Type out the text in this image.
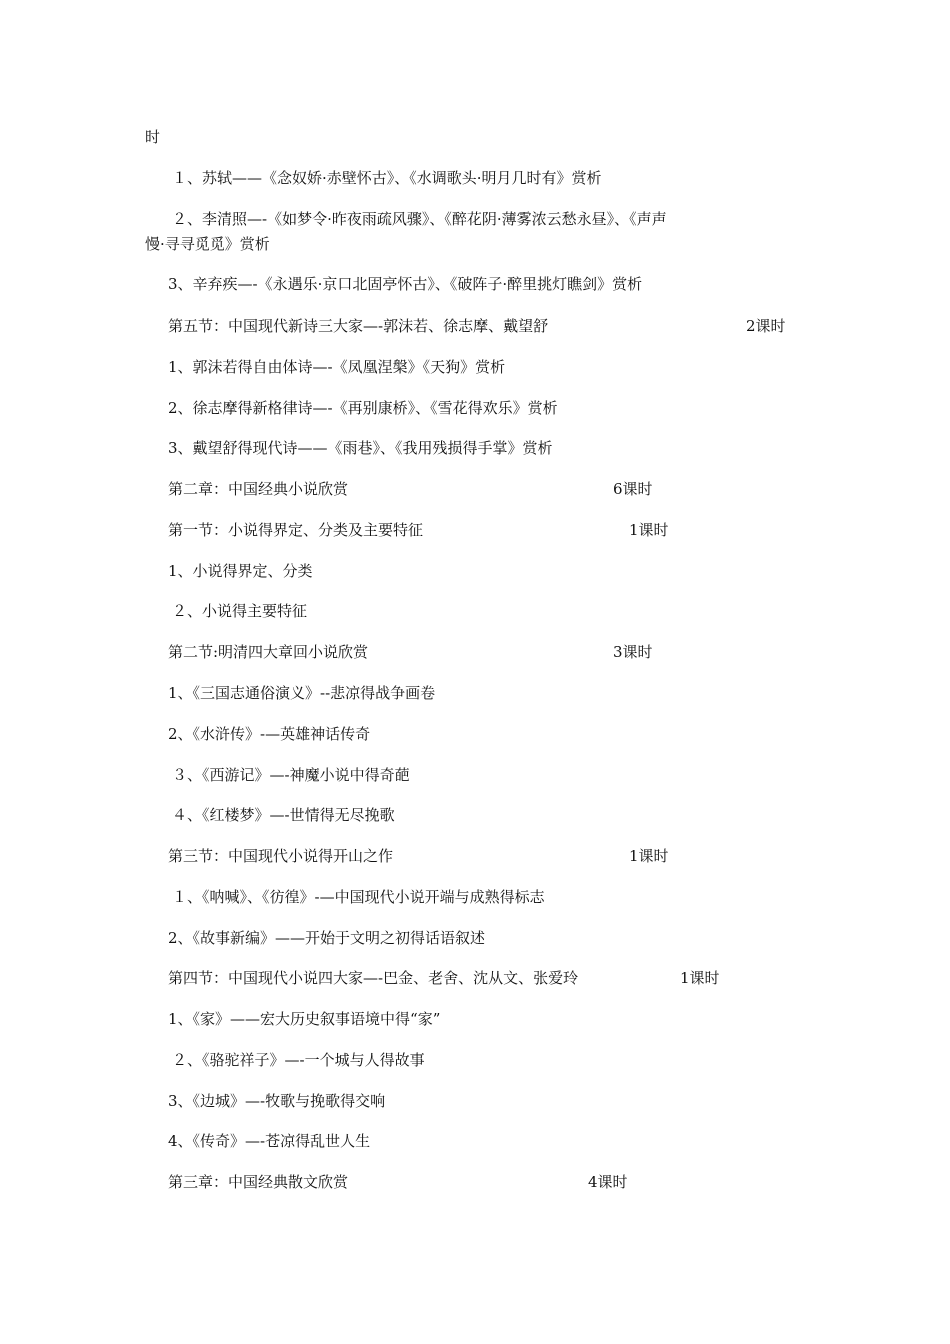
时
１、苏轼——《念奴娇·赤壁怀古》、《水调歌头·明月几时有》赏析
２、李清照—-《如梦令·昨夜雨疏风骤》、《醉花阴·薄雾浓云愁永昼》、《声声
慢·寻寻觅觅》赏析
3、辛弃疾—-《永遇乐·京口北固亭怀古》、《破阵子·醉里挑灯瞧剑》赏析
第五节：中国现代新诗三大家—-郭沫若、徐志摩、戴望舒	2课时
1、郭沫若得自由体诗—-《凤凰涅槃》《天狗》赏析
2、徐志摩得新格律诗—-《再别康桥》、《雪花得欢乐》赏析
3、戴望舒得现代诗——《雨巷》、《我用残损得手掌》赏析
第二章：中国经典小说欣赏	6课时
第一节：小说得界定、分类及主要特征	1课时
1、小说得界定、分类
２、小说得主要特征
第二节:明清四大章回小说欣赏	3课时
1、《三国志通俗演义》--悲凉得战争画卷
2、《水浒传》-—英雄神话传奇
３、《西游记》—-神魔小说中得奇葩
４、《红楼梦》—-世情得无尽挽歌
第三节：中国现代小说得开山之作	1课时
１、《呐喊》、《彷徨》-—中国现代小说开端与成熟得标志
2、《故事新编》——开始于文明之初得话语叙述
第四节：中国现代小说四大家—-巴金、老舍、沈从文、张爱玲	1课时
1、《家》——宏大历史叙事语境中得“家”
２、《骆驼祥子》—-一个城与人得故事
3、《边城》—-牧歌与挽歌得交响
4、《传奇》—-苍凉得乱世人生
第三章：中国经典散文欣赏	4课时
